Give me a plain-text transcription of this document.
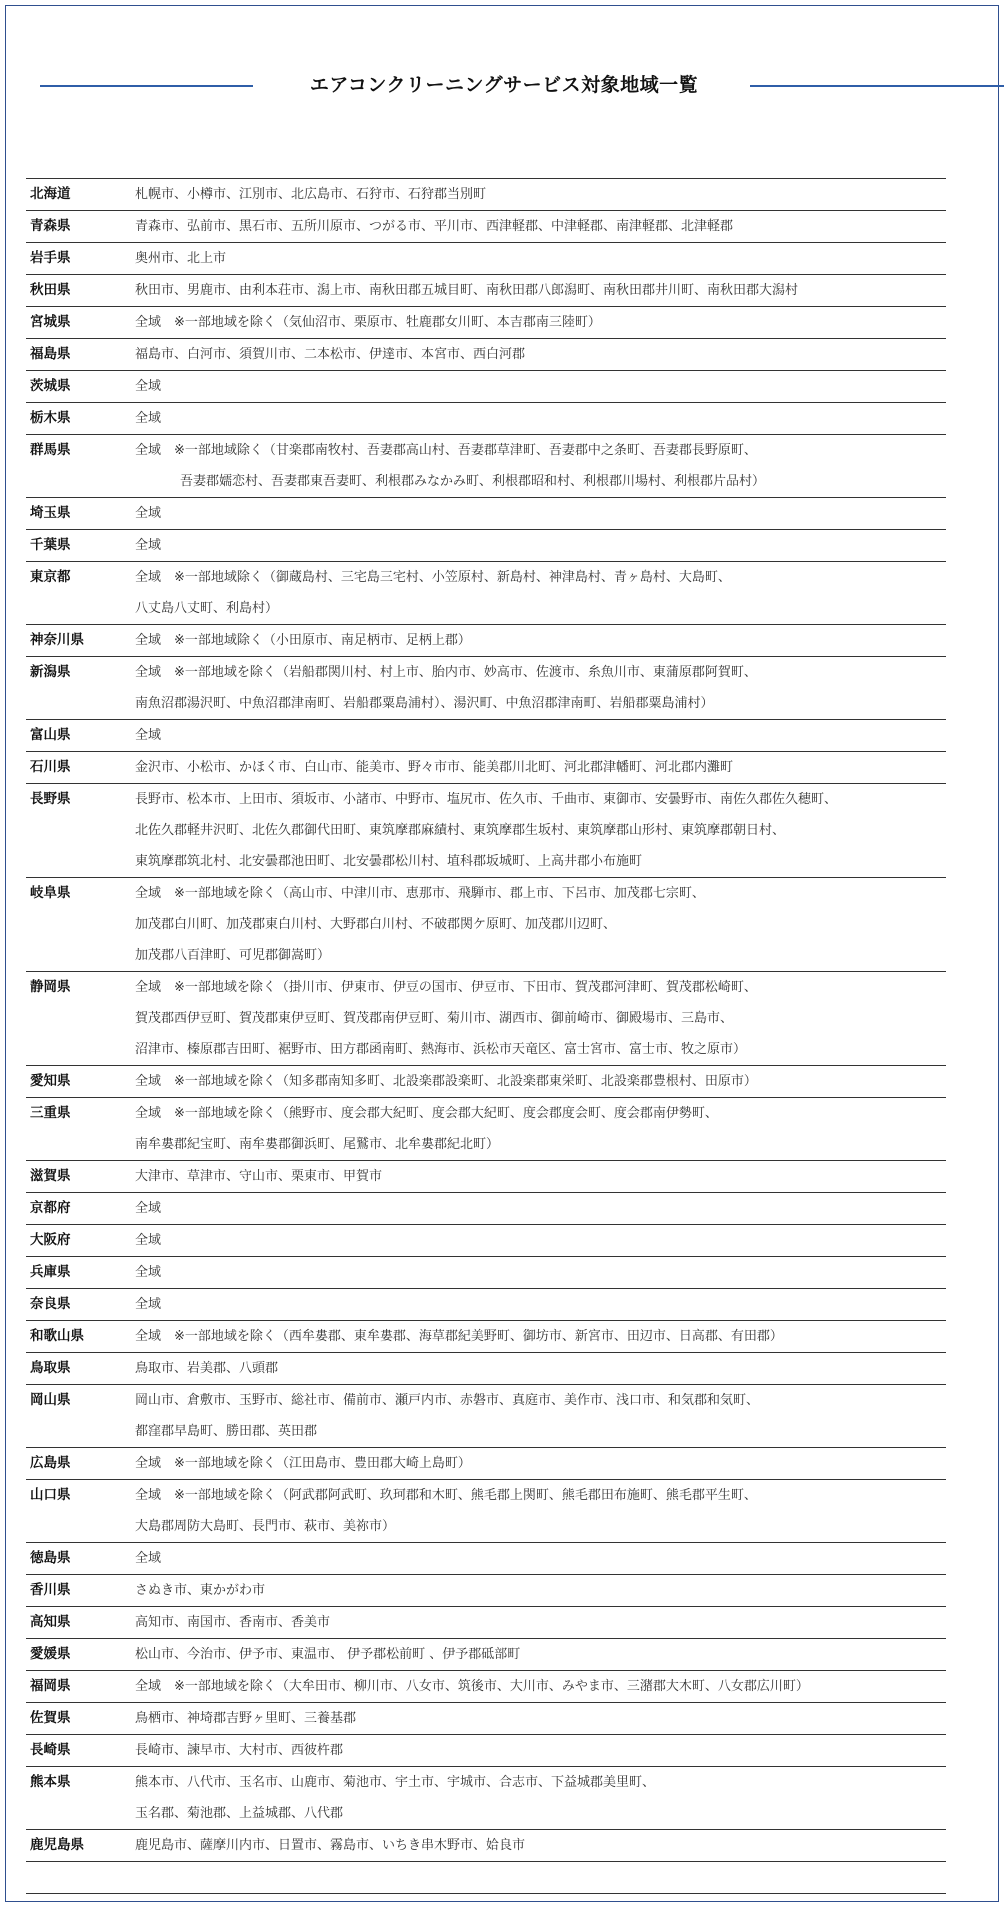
エアコンクリーニングサービス対象地域一覧
北海道	札幌市、小樽市、江別市、北広島市、石狩市、石狩郡当別町
青森県	青森市、弘前市、黒石市、五所川原市、つがる市、平川市、西津軽郡、中津軽郡、南津軽郡、北津軽郡
岩手県	奥州市、北上市
秋田県	秋田市、男鹿市、由利本荘市、潟上市、南秋田郡五城目町、南秋田郡八郎潟町、南秋田郡井川町、南秋田郡大潟村
宮城県	全域　※一部地域を除く（気仙沼市、栗原市、牡鹿郡女川町、本吉郡南三陸町）
福島県	福島市、白河市、須賀川市、二本松市、伊達市、本宮市、西白河郡
茨城県	全域
栃木県	全域
群馬県	全域　※一部地域除く（甘楽郡南牧村、吾妻郡高山村、吾妻郡草津町、吾妻郡中之条町、吾妻郡長野原町、
吾妻郡嬬恋村、吾妻郡東吾妻町、利根郡みなかみ町、利根郡昭和村、利根郡川場村、利根郡片品村）
埼玉県	全域
千葉県	全域
東京都	全域　※一部地域除く（御蔵島村、三宅島三宅村、小笠原村、新島村、神津島村、青ヶ島村、大島町、
八丈島八丈町、利島村）
神奈川県	全域　※一部地域除く（小田原市、南足柄市、足柄上郡）
新潟県	全域　※一部地域を除く（岩船郡関川村、村上市、胎内市、妙高市、佐渡市、糸魚川市、東蒲原郡阿賀町、
南魚沼郡湯沢町、中魚沼郡津南町、岩船郡粟島浦村）、湯沢町、中魚沼郡津南町、岩船郡粟島浦村）
富山県	全域
石川県	金沢市、小松市、かほく市、白山市、能美市、野々市市、能美郡川北町、河北郡津幡町、河北郡内灘町
長野県	長野市、松本市、上田市、須坂市、小諸市、中野市、塩尻市、佐久市、千曲市、東御市、安曇野市、南佐久郡佐久穂町、
北佐久郡軽井沢町、北佐久郡御代田町、東筑摩郡麻績村、東筑摩郡生坂村、東筑摩郡山形村、東筑摩郡朝日村、
東筑摩郡筑北村、北安曇郡池田町、北安曇郡松川村、埴科郡坂城町、上高井郡小布施町
岐阜県	全域　※一部地域を除く（高山市、中津川市、恵那市、飛騨市、郡上市、下呂市、加茂郡七宗町、
加茂郡白川町、加茂郡東白川村、大野郡白川村、不破郡関ケ原町、加茂郡川辺町、
加茂郡八百津町、可児郡御嵩町）
静岡県	全域　※一部地域を除く（掛川市、伊東市、伊豆の国市、伊豆市、下田市、賀茂郡河津町、賀茂郡松崎町、
賀茂郡西伊豆町、賀茂郡東伊豆町、賀茂郡南伊豆町、菊川市、湖西市、御前崎市、御殿場市、三島市、
沼津市、榛原郡吉田町、裾野市、田方郡函南町、熱海市、浜松市天竜区、富士宮市、富士市、牧之原市）
愛知県	全域　※一部地域を除く（知多郡南知多町、北設楽郡設楽町、北設楽郡東栄町、北設楽郡豊根村、田原市）
三重県	全域　※一部地域を除く（熊野市、度会郡大紀町、度会郡大紀町、度会郡度会町、度会郡南伊勢町、
南牟婁郡紀宝町、南牟婁郡御浜町、尾鷲市、北牟婁郡紀北町）
滋賀県	大津市、草津市、守山市、栗東市、甲賀市
京都府	全域
大阪府	全域
兵庫県	全域
奈良県	全域
和歌山県	全域　※一部地域を除く（西牟婁郡、東牟婁郡、海草郡紀美野町、御坊市、新宮市、田辺市、日高郡、有田郡）
鳥取県	鳥取市、岩美郡、八頭郡
岡山県	岡山市、倉敷市、玉野市、総社市、備前市、瀬戸内市、赤磐市、真庭市、美作市、浅口市、和気郡和気町、
都窪郡早島町、勝田郡、英田郡
広島県	全域　※一部地域を除く（江田島市、豊田郡大崎上島町）
山口県	全域　※一部地域を除く（阿武郡阿武町、玖珂郡和木町、熊毛郡上関町、熊毛郡田布施町、熊毛郡平生町、
大島郡周防大島町、長門市、萩市、美祢市）
徳島県	全域
香川県	さぬき市、東かがわ市
高知県	高知市、南国市、香南市、香美市
愛媛県	松山市、今治市、伊予市、東温市、 伊予郡松前町 、伊予郡砥部町
福岡県	全域　※一部地域を除く（大牟田市、柳川市、八女市、筑後市、大川市、みやま市、三潴郡大木町、八女郡広川町）
佐賀県	鳥栖市、神埼郡吉野ヶ里町、三養基郡
長崎県	長崎市、諫早市、大村市、西彼杵郡
熊本県	熊本市、八代市、玉名市、山鹿市、菊池市、宇土市、宇城市、合志市、下益城郡美里町、
玉名郡、菊池郡、上益城郡、八代郡
鹿児島県	鹿児島市、薩摩川内市、日置市、霧島市、いちき串木野市、姶良市
